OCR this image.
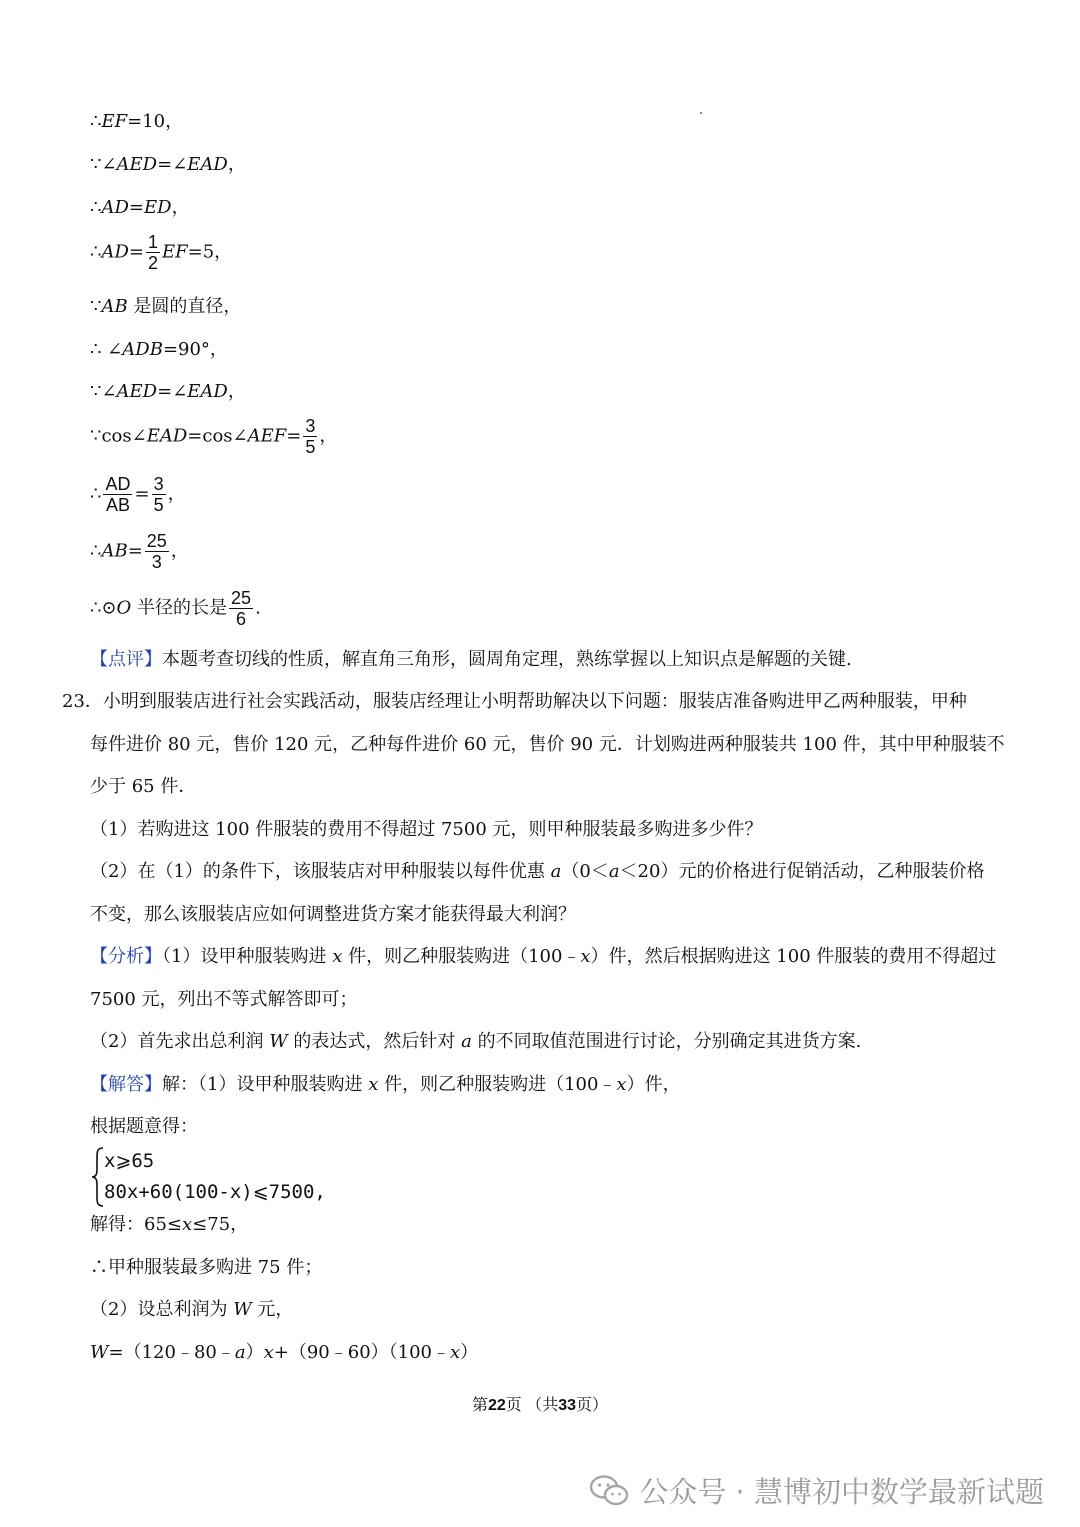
∴EF=10，
∵∠AED=∠EAD，
∴AD=ED，
∴AD= $\frac{1}{2} EF=5$，
∵AB 是圆的直径，
∴ ∠ADB=90°，
∵∠AED=∠EAD，
∵cos∠EAD=cos∠AEF= $\frac{3}{5}$ ，
∴ $\frac{AD}{AB} = \frac{3}{5}$ ，
∴AB= $\frac{25}{3}$ ，
∴⊙O 半径的长是 $\frac{25}{6}$ .
【点评】本题考查切线的性质，解直角三角形，圆周角定理，熟练掌握以上知识点是解题的关键.
23．小明到服装店进行社会实践活动，服装店经理让小明帮助解决以下问题：服装店准备购进甲乙两种服装，甲种
每件进价 80 元，售价 120 元，乙种每件进价 60 元，售价 90 元．计划购进两种服装共 100 件，其中甲种服装不
少于 65 件．
（1）若购进这 100 件服装的费用不得超过 7500 元，则甲种服装最多购进多少件？
（2）在（1）的条件下，该服装店对甲种服装以每件优惠 a（0＜a＜20）元的价格进行促销活动，乙种服装价格
不变，那么该服装店应如何调整进货方案才能获得最大利润？
【分析】（1）设甲种服装购进 x 件，则乙种服装购进（100﹣x）件，然后根据购进这 100 件服装的费用不得超过
7500 元，列出不等式解答即可；
（2）首先求出总利润 W 的表达式，然后针对 a 的不同取值范围进行讨论，分别确定其进货方案.
【解答】解：（1）设甲种服装购进 x 件，则乙种服装购进（100﹣x）件，
根据题意得：
x⩾65
80x+60(100-x)⩽7500,
解得：65≤x≤75，
∴甲种服装最多购进 75 件；
（2）设总利润为 W 元，
W=（120﹣80﹣a）x+（90﹣60）（100﹣x）
第22页 （共33页）
公众号 · 慧博初中数学最新试题
